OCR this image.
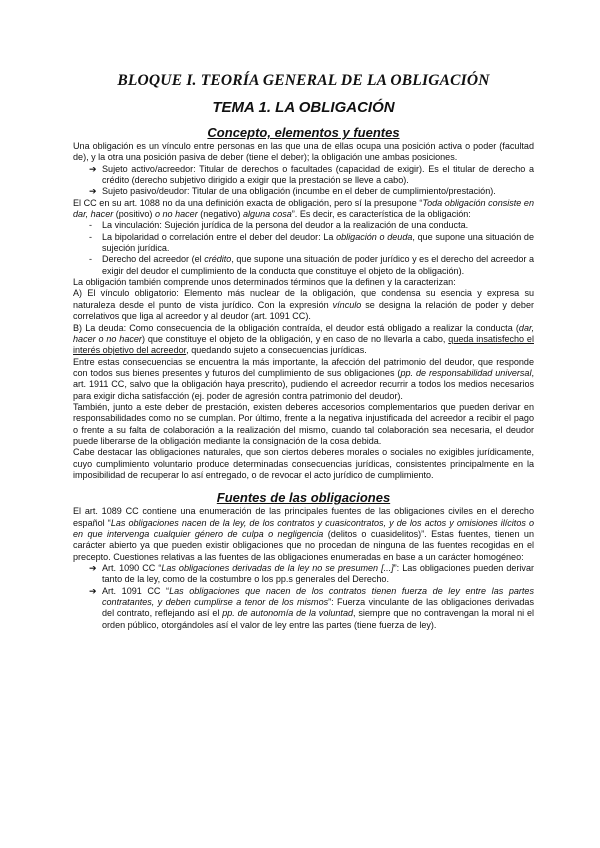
BLOQUE I. TEORÍA GENERAL DE LA OBLIGACIÓN
TEMA 1. LA OBLIGACIÓN
Concepto, elementos y fuentes

Una obligación es un vínculo entre personas en las que una de ellas ocupa una posición activa o poder (facultad de), y la otra una posición pasiva de deber (tiene el deber); la obligación une ambas posiciones.

➔ Sujeto activo/acreedor: Titular de derechos o facultades (capacidad de exigir). Es el titular de derecho a crédito (derecho subjetivo dirigido a exigir que la prestación se lleve a cabo).
➔ Sujeto pasivo/deudor: Titular de una obligación (incumbe en el deber de cumplimiento/prestación).

El CC en su art. 1088 no da una definición exacta de obligación, pero sí la presupone “Toda obligación consiste en dar, hacer (positivo) o no hacer (negativo) alguna cosa”. Es decir, es característica de la obligación:

- La vinculación: Sujeción jurídica de la persona del deudor a la realización de una conducta.
- La bipolaridad o correlación entre el deber del deudor: La obligación o deuda, que supone una situación de sujeción jurídica.
- Derecho del acreedor (el crédito, que supone una situación de poder jurídico y es el derecho del acreedor a exigir del deudor el cumplimiento de la conducta que constituye el objeto de la obligación).

La obligación también comprende unos determinados términos que la definen y la caracterizan:

A) El vínculo obligatorio: Elemento más nuclear de la obligación, que condensa su esencia y expresa su naturaleza desde el punto de vista jurídico. Con la expresión vínculo se designa la relación de poder y deber correlativos que liga al acreedor y al deudor (art. 1091 CC).

B) La deuda: Como consecuencia de la obligación contraída, el deudor está obligado a realizar la conducta (dar, hacer o no hacer) que constituye el objeto de la obligación, y en caso de no llevarla a cabo, queda insatisfecho el interés objetivo del acreedor, quedando sujeto a consecuencias jurídicas.

Entre estas consecuencias se encuentra la más importante, la afección del patrimonio del deudor, que responde con todos sus bienes presentes y futuros del cumplimiento de sus obligaciones (pp. de responsabilidad universal, art. 1911 CC, salvo que la obligación haya prescrito), pudiendo el acreedor recurrir a todos los medios necesarios para exigir dicha satisfacción (ej. poder de agresión contra patrimonio del deudor).

También, junto a este deber de prestación, existen deberes accesorios complementarios que pueden derivar en responsabilidades como no se cumplan. Por último, frente a la negativa injustificada del acreedor a recibir el pago o frente a su falta de colaboración a la realización del mismo, cuando tal colaboración sea necesaria, el deudor puede liberarse de la obligación mediante la consignación de la cosa debida.

Cabe destacar las obligaciones naturales, que son ciertos deberes morales o sociales no exigibles jurídicamente, cuyo cumplimiento voluntario produce determinadas consecuencias jurídicas, consistentes principalmente en la imposibilidad de recuperar lo así entregado, o de revocar el acto jurídico de cumplimiento.

Fuentes de las obligaciones

El art. 1089 CC contiene una enumeración de las principales fuentes de las obligaciones civiles en el derecho español “Las obligaciones nacen de la ley, de los contratos y cuasicontratos, y de los actos y omisiones ilícitos o en que intervenga cualquier género de culpa o negligencia (delitos o cuasidelitos)”. Estas fuentes, tienen un carácter abierto ya que pueden existir obligaciones que no procedan de ninguna de las fuentes recogidas en el precepto. Cuestiones relativas a las fuentes de las obligaciones enumeradas en base a un carácter homogéneo:

➔ Art. 1090 CC “Las obligaciones derivadas de la ley no se presumen [...]”: Las obligaciones pueden derivar tanto de la ley, como de la costumbre o los pp.s generales del Derecho.
➔ Art. 1091 CC “Las obligaciones que nacen de los contratos tienen fuerza de ley entre las partes contratantes, y deben cumplirse a tenor de los mismos”: Fuerza vinculante de las obligaciones derivadas del contrato, reflejando así el pp. de autonomía de la voluntad, siempre que no contravengan la moral ni el orden público, otorgándoles así el valor de ley entre las partes (tiene fuerza de ley).
